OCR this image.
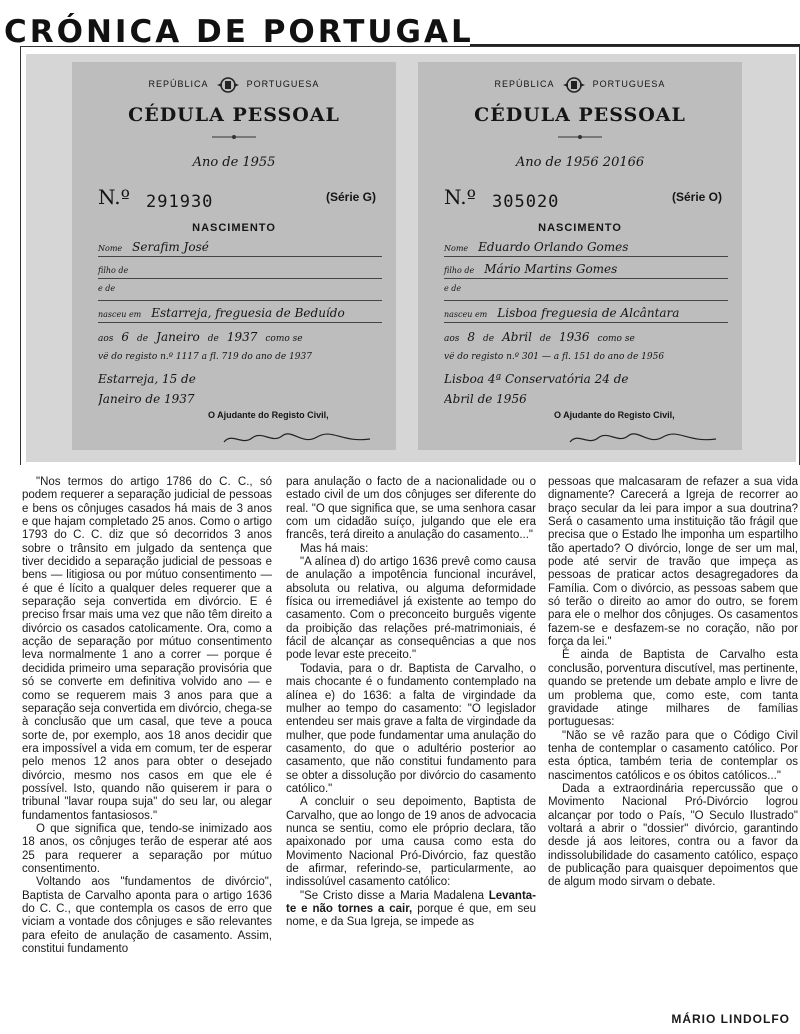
CRÓNICA DE PORTUGAL
REPÚBLICA	PORTUGUESA
CÉDULA PESSOAL
Ano de 1955
N.º 291930	(Série G)
NASCIMENTO
Nome Serafim José
filho de
e de
nasceu em Estarreja, freguesia de Beduído
aos 6 de Janeiro de 1937 como se
vê do registo n.º 1117 a fl. 719 do ano de 1937
Estarreja, 15 de
Janeiro de 1937
O Ajudante do Registo Civil,
REPÚBLICA	PORTUGUESA
CÉDULA PESSOAL
Ano de 1956 20166
N.º 305020	(Série O)
NASCIMENTO
Nome Eduardo Orlando Gomes
filho de Mário Martins Gomes
e de
nasceu em Lisboa freguesia de Alcântara
aos 8 de Abril de 1936 como se
vê do registo n.º 301 — a fl. 151 do ano de 1956
Lisboa 4ª Conservatória 24 de
Abril de 1956
O Ajudante do Registo Civil,

"Nos termos do artigo 1786 do C. C., só podem requerer a separação judicial de pessoas e bens os cônjuges casados há mais de 3 anos e que hajam completado 25 anos. Como o artigo 1793 do C. C. diz que só decorridos 3 anos sobre o trânsito em julgado da sentença que tiver decidido a separação judicial de pessoas e bens — litigiosa ou por mútuo consentimento — é que é lícito a qualquer deles requerer que a separação seja convertida em divórcio. E é preciso frsar mais uma vez que não têm direito a divórcio os casados catolicamente. Ora, como a acção de separação por mútuo consentimento leva normalmente 1 ano a correr — porque é decidida primeiro uma separação provisória que só se converte em definitiva volvido ano — e como se requerem mais 3 anos para que a separação seja convertida em divórcio, chega-se à conclusão que um casal, que teve a pouca sorte de, por exemplo, aos 18 anos decidir que era impossível a vida em comum, ter de esperar pelo menos 12 anos para obter o desejado divórcio, mesmo nos casos em que ele é possível. Isto, quando não quiserem ir para o tribunal "lavar roupa suja" do seu lar, ou alegar fundamentos fantasiosos."

O que significa que, tendo-se inimizado aos 18 anos, os cônjuges terão de esperar até aos 25 para requerer a separação por mútuo consentimento.

Voltando aos "fundamentos de divórcio", Baptista de Carvalho aponta para o artigo 1636 do C. C., que contempla os casos de erro que viciam a vontade dos cônjuges e são relevantes para efeito de anulação de casamento. Assim, constitui fundamento

para anulação o facto de a nacionalidade ou o estado civil de um dos cônjuges ser diferente do real. "O que significa que, se uma senhora casar com um cidadão suíço, julgando que ele era francês, terá direito a anulação do casamento..."

Mas há mais:

"A alínea d) do artigo 1636 prevê como causa de anulação a impotência funcional incurável, absoluta ou relativa, ou alguma deformidade física ou irremediável já existente ao tempo do casamento. Com o preconceito burguês vigente da proibição das relações pré-matrimoniais, é fácil de alcançar as consequências a que nos pode levar este preceito."

Todavia, para o dr. Baptista de Carvalho, o mais chocante é o fundamento contemplado na alínea e) do 1636: a falta de virgindade da mulher ao tempo do casamento: "O legislador entendeu ser mais grave a falta de virgindade da mulher, que pode fundamentar uma anulação do casamento, do que o adultério posterior ao casamento, que não constitui fundamento para se obter a dissolução por divórcio do casamento católico."

A concluir o seu depoimento, Baptista de Carvalho, que ao longo de 19 anos de advocacia nunca se sentiu, como ele próprio declara, tão apaixonado por uma causa como esta do Movimento Nacional Pró-Divórcio, faz questão de afirmar, referindo-se, particularmente, ao indissolúvel casamento católico:

"Se Cristo disse a Maria Madalena Levanta-te e não tornes a cair, porque é que, em seu nome, e da Sua Igreja, se impede as

pessoas que malcasaram de refazer a sua vida dignamente? Carecerá a Igreja de recorrer ao braço secular da lei para impor a sua doutrina? Será o casamento uma instituição tão frágil que precisa que o Estado lhe imponha um espartilho tão apertado? O divórcio, longe de ser um mal, pode até servir de travão que impeça as pessoas de praticar actos desagregadores da Família. Com o divórcio, as pessoas sabem que só terão o direito ao amor do outro, se forem para ele o melhor dos cônjuges. Os casamentos fazem-se e desfazem-se no coração, não por força da lei."

É ainda de Baptista de Carvalho esta conclusão, porventura discutível, mas pertinente, quando se pretende um debate amplo e livre de um problema que, como este, com tanta gravidade atinge milhares de famílias portuguesas:

"Não se vê razão para que o Código Civil tenha de contemplar o casamento católico. Por esta óptica, também teria de contemplar os nascimentos católicos e os óbitos católicos..."

Dada a extraordinária repercussão que o Movimento Nacional Pró-Divórcio logrou alcançar por todo o País, "O Seculo Ilustrado" voltará a abrir o "dossier" divórcio, garantindo desde já aos leitores, contra ou a favor da indissolubilidade do casamento católico, espaço de publicação para quaisquer depoimentos que de algum modo sirvam o debate.

MÁRIO LINDOLFO
